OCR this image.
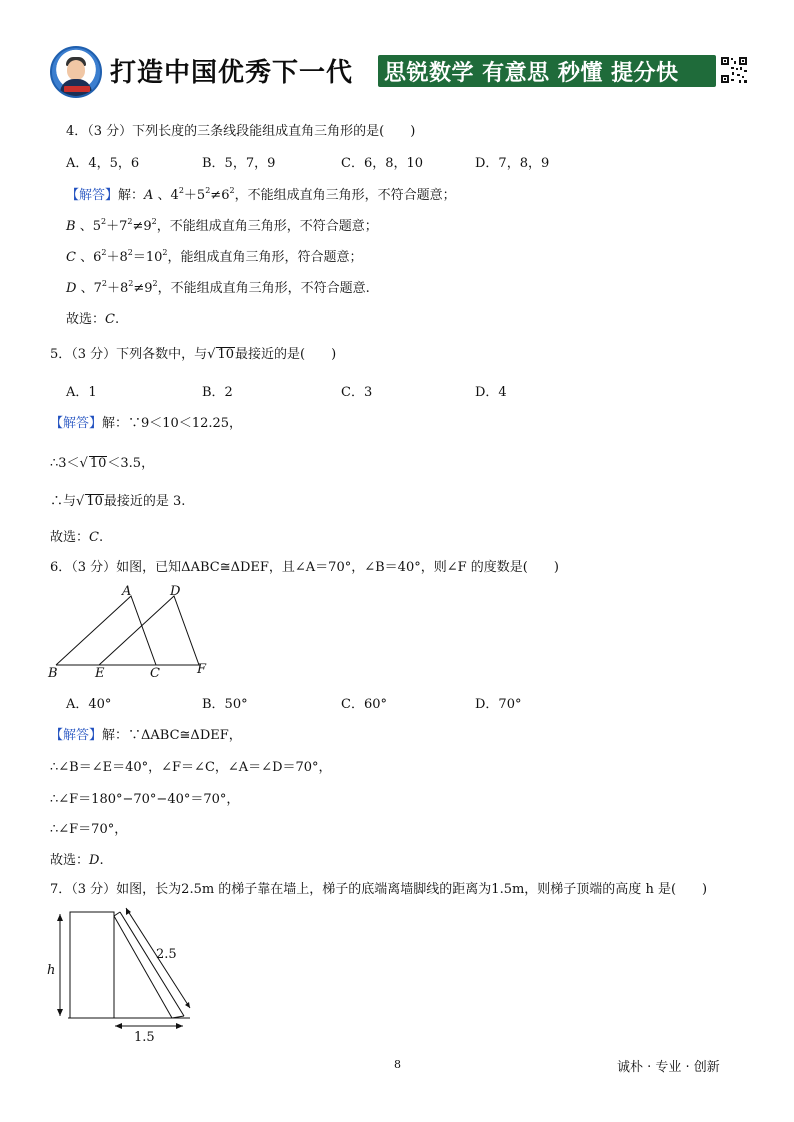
打造中国优秀下一代 思锐数学 有意思 秒懂 提分快
4．（3 分）下列长度的三条线段能组成直角三角形的是(　　)
A．4，5，6	B．5，7，9	C．6，8，10	D．7，8，9
【解答】解：A 、$4^2+5^2\ne 6^2$，不能组成直角三角形，不符合题意；
B 、$5^2+7^2\ne 9^2$，不能组成直角三角形，不符合题意；
C 、$6^2+8^2=10^2$，能组成直角三角形，符合题意；
D 、$7^2+8^2\ne 9^2$，不能组成直角三角形，不符合题意.
故选：C.
5．（3 分）下列各数中，与√ 10最接近的是(　　)
A．1	B．2	C．3	D．4
【解答】解：∵9＜10＜12.25，
∴3＜√ 10＜3.5，
∴与√ 10最接近的是 3.
故选：C.
6．（3 分）如图，已知ΔABC≅ΔDEF，且∠A＝70°，∠B＝40°，则∠F 的度数是(　　)
A	D
B	E	C	F
A．40°	B．50°	C．60°	D．70°
【解答】解：∵ΔABC≅ΔDEF，
∴∠B＝∠E＝40°，∠F＝∠C，∠A＝∠D＝70°，
∴∠F＝180°−70°−40°＝70°，
∴∠F＝70°，
故选：D.
7．（3 分）如图，长为2.5m 的梯子靠在墙上，梯子的底端离墙脚线的距离为1.5m，则梯子顶端的高度 h 是(　　)
h
2.5
1.5
8	诚朴 · 专业 · 创新
